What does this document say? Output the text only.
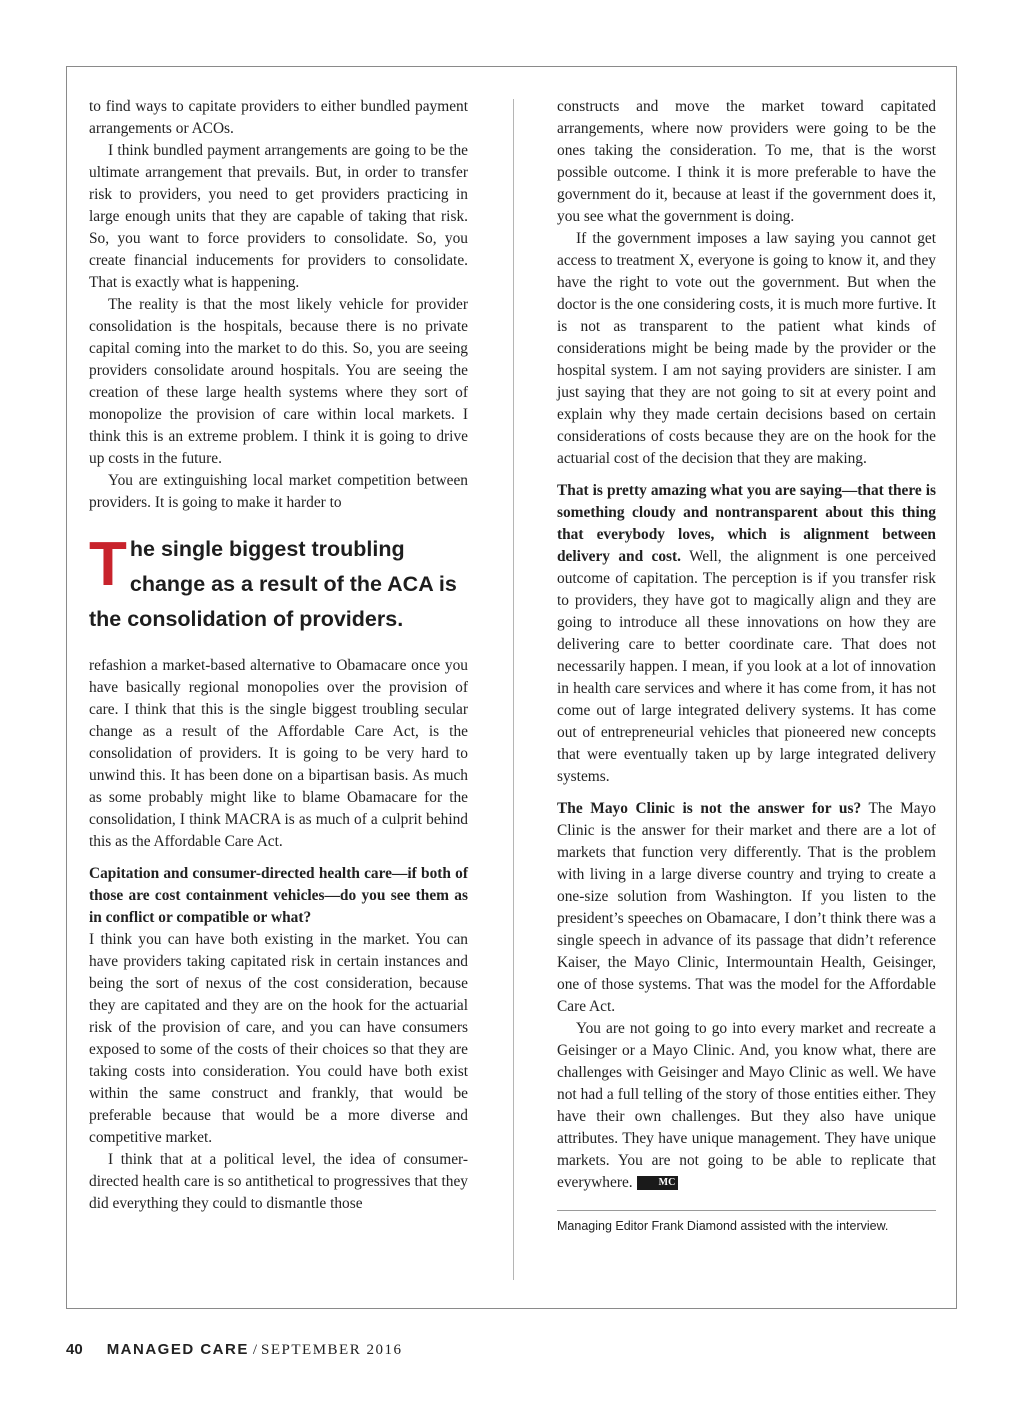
to find ways to capitate providers to either bundled payment arrangements or ACOs.

I think bundled payment arrangements are going to be the ultimate arrangement that prevails. But, in order to transfer risk to providers, you need to get providers practicing in large enough units that they are capable of taking that risk. So, you want to force providers to consolidate. So, you create financial inducements for providers to consolidate. That is exactly what is happening.

The reality is that the most likely vehicle for provider consolidation is the hospitals, because there is no private capital coming into the market to do this. So, you are seeing providers consolidate around hospitals. You are seeing the creation of these large health systems where they sort of monopolize the provision of care within local markets. I think this is an extreme problem. I think it is going to drive up costs in the future.

You are extinguishing local market competition between providers. It is going to make it harder to

The single biggest troubling change as a result of the ACA is the consolidation of providers.

refashion a market-based alternative to Obamacare once you have basically regional monopolies over the provision of care. I think that this is the single biggest troubling secular change as a result of the Affordable Care Act, is the consolidation of providers. It is going to be very hard to unwind this. It has been done on a bipartisan basis. As much as some probably might like to blame Obamacare for the consolidation, I think MACRA is as much of a culprit behind this as the Affordable Care Act.

Capitation and consumer-directed health care—if both of those are cost containment vehicles—do you see them as in conflict or compatible or what?
I think you can have both existing in the market. You can have providers taking capitated risk in certain instances and being the sort of nexus of the cost consideration, because they are capitated and they are on the hook for the actuarial risk of the provision of care, and you can have consumers exposed to some of the costs of their choices so that they are taking costs into consideration. You could have both exist within the same construct and frankly, that would be preferable because that would be a more diverse and competitive market.

I think that at a political level, the idea of consumer-directed health care is so antithetical to progressives that they did everything they could to dismantle those

constructs and move the market toward capitated arrangements, where now providers were going to be the ones taking the consideration. To me, that is the worst possible outcome. I think it is more preferable to have the government do it, because at least if the government does it, you see what the government is doing.

If the government imposes a law saying you cannot get access to treatment X, everyone is going to know it, and they have the right to vote out the government. But when the doctor is the one considering costs, it is much more furtive. It is not as transparent to the patient what kinds of considerations might be being made by the provider or the hospital system. I am not saying providers are sinister. I am just saying that they are not going to sit at every point and explain why they made certain decisions based on certain considerations of costs because they are on the hook for the actuarial cost of the decision that they are making.

That is pretty amazing what you are saying—that there is something cloudy and nontransparent about this thing that everybody loves, which is alignment between delivery and cost. Well, the alignment is one perceived outcome of capitation. The perception is if you transfer risk to providers, they have got to magically align and they are going to introduce all these innovations on how they are delivering care to better coordinate care. That does not necessarily happen. I mean, if you look at a lot of innovation in health care services and where it has come from, it has not come out of large integrated delivery systems. It has come out of entrepreneurial vehicles that pioneered new concepts that were eventually taken up by large integrated delivery systems.

The Mayo Clinic is not the answer for us? The Mayo Clinic is the answer for their market and there are a lot of markets that function very differently. That is the problem with living in a large diverse country and trying to create a one-size solution from Washington. If you listen to the president’s speeches on Obamacare, I don’t think there was a single speech in advance of its passage that didn’t reference Kaiser, the Mayo Clinic, Intermountain Health, Geisinger, one of those systems. That was the model for the Affordable Care Act.

You are not going to go into every market and recreate a Geisinger or a Mayo Clinic. And, you know what, there are challenges with Geisinger and Mayo Clinic as well. We have not had a full telling of the story of those entities either. They have their own challenges. But they also have unique attributes. They have unique management. They have unique markets. You are not going to be able to replicate that everywhere.	MC

Managing Editor Frank Diamond assisted with the interview.
40 MANAGED CARE / SEPTEMBER 2016
